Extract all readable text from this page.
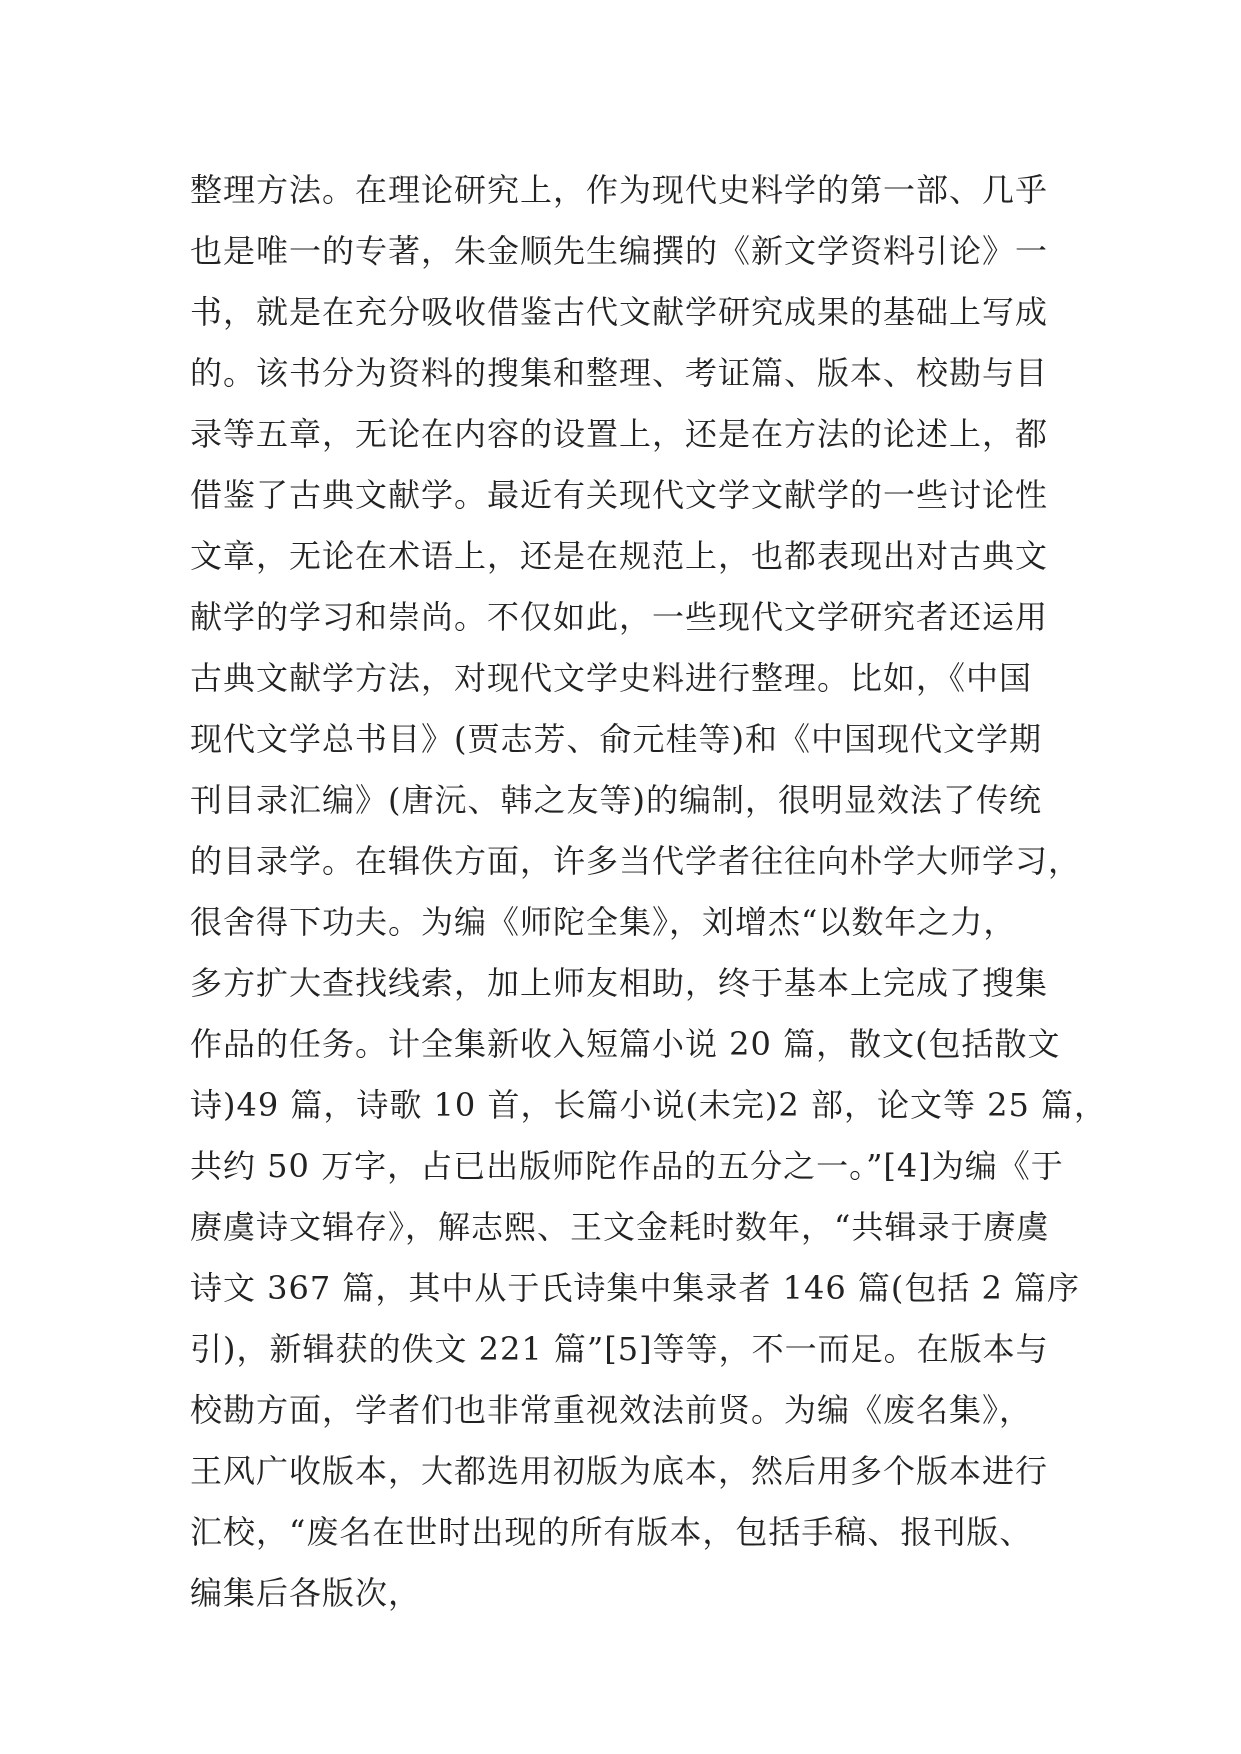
整理方法。在理论研究上，作为现代史料学的第一部、几乎
也是唯一的专著，朱金顺先生编撰的《新文学资料引论》一
书，就是在充分吸收借鉴古代文献学研究成果的基础上写成
的。该书分为资料的搜集和整理、考证篇、版本、校勘与目
录等五章，无论在内容的设置上，还是在方法的论述上，都
借鉴了古典文献学。最近有关现代文学文献学的一些讨论性
文章，无论在术语上，还是在规范上，也都表现出对古典文
献学的学习和崇尚。不仅如此，一些现代文学研究者还运用
古典文献学方法，对现代文学史料进行整理。比如，《中国
现代文学总书目》(贾志芳、俞元桂等)和《中国现代文学期
刊目录汇编》(唐沅、韩之友等)的编制，很明显效法了传统
的目录学。在辑佚方面，许多当代学者往往向朴学大师学习，
很舍得下功夫。为编《师陀全集》，刘增杰“以数年之力，
多方扩大查找线索，加上师友相助，终于基本上完成了搜集
作品的任务。计全集新收入短篇小说 20 篇，散文(包括散文
诗)49 篇，诗歌 10 首，长篇小说(未完)2 部，论文等 25 篇，
共约 50 万字，占已出版师陀作品的五分之一。”[4]为编《于
赓虞诗文辑存》，解志熙、王文金耗时数年，“共辑录于赓虞
诗文 367 篇，其中从于氏诗集中集录者 146 篇(包括 2 篇序
引)，新辑获的佚文 221 篇”[5]等等，不一而足。在版本与
校勘方面，学者们也非常重视效法前贤。为编《废名集》，
王风广收版本，大都选用初版为底本，然后用多个版本进行
汇校，“废名在世时出现的所有版本，包括手稿、报刊版、
编集后各版次，
